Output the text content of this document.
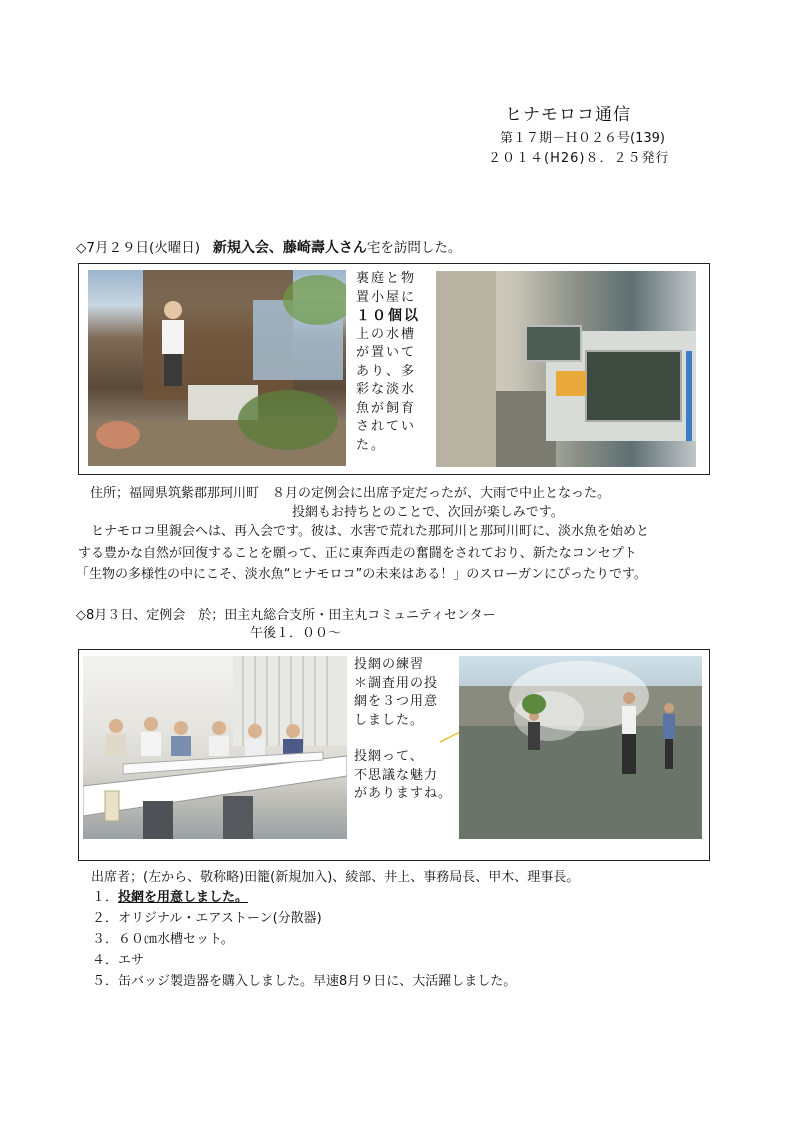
ヒナモロコ通信
第１７期－Ｈ０２６号(139)
２０１４(H26)８．２５発行
◇7月２９日(火曜日) 新規入会、藤崎壽人さん宅を訪問した。
裏庭と物
置小屋に
１０個以
上の水槽
が置いて
あり、多
彩な淡水
魚が飼育
されてい
た。
住所；福岡県筑紫郡那珂川町　８月の定例会に出席予定だったが、大雨で中止となった。
投網もお持ちとのことで、次回が楽しみです。
ヒナモロコ里親会へは、再入会です。彼は、水害で荒れた那珂川と那珂川町に、淡水魚を始めと
する豊かな自然が回復することを願って、正に東奔西走の奮闘をされており、新たなコンセプト
「生物の多様性の中にこそ、淡水魚“ヒナモロコ”の未来はある！」のスローガンにぴったりです。
◇8月３日、定例会　於；田主丸総合支所・田主丸コミュニティセンター
午後１．００～
投網の練習
＊調査用の投
網を３つ用意
しました。
投網って、
不思議な魅力
がありますね。
出席者；(左から、敬称略)田籠(新規加入)、綾部、井上、事務局長、甲木、理事長。
１．投網を用意しました。
２．オリジナル・エアストーン(分散器)
３．６０㎝水槽セット。
４．エサ
５．缶バッジ製造器を購入しました。早速8月９日に、大活躍しました。
